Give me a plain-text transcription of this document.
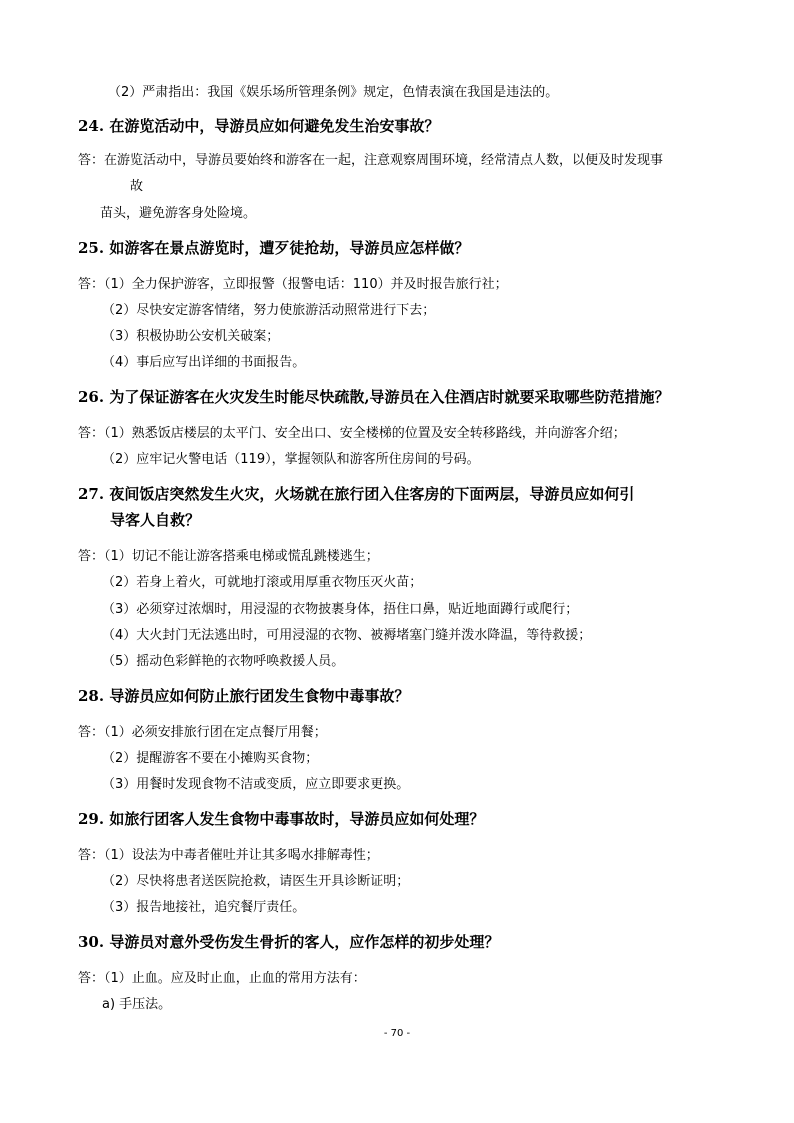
（2）严肃指出：我国《娱乐场所管理条例》规定，色情表演在我国是违法的。
24. 在游览活动中，导游员应如何避免发生治安事故？
答：在游览活动中，导游员要始终和游客在一起，注意观察周围环境，经常清点人数，以便及时发现事
故
苗头，避免游客身处险境。
25. 如游客在景点游览时，遭歹徒抢劫，导游员应怎样做？
答：（1）全力保护游客，立即报警（报警电话：110）并及时报告旅行社；
（2）尽快安定游客情绪，努力使旅游活动照常进行下去；
（3）积极协助公安机关破案；
（4）事后应写出详细的书面报告。
26. 为了保证游客在火灾发生时能尽快疏散,导游员在入住酒店时就要采取哪些防范措施？
答：（1）熟悉饭店楼层的太平门、安全出口、安全楼梯的位置及安全转移路线，并向游客介绍；
（2）应牢记火警电话（119），掌握领队和游客所住房间的号码。
27. 夜间饭店突然发生火灾，火场就在旅行团入住客房的下面两层，导游员应如何引
导客人自救？
答：（1）切记不能让游客搭乘电梯或慌乱跳楼逃生；
（2）若身上着火，可就地打滚或用厚重衣物压灭火苗；
（3）必须穿过浓烟时，用浸湿的衣物披裹身体，捂住口鼻，贴近地面蹲行或爬行；
（4）大火封门无法逃出时，可用浸湿的衣物、被褥堵塞门缝并泼水降温，等待救援；
（5）摇动色彩鲜艳的衣物呼唤救援人员。
28. 导游员应如何防止旅行团发生食物中毒事故？
答：（1）必须安排旅行团在定点餐厅用餐；
（2）提醒游客不要在小摊购买食物；
（3）用餐时发现食物不洁或变质，应立即要求更换。
29. 如旅行团客人发生食物中毒事故时，导游员应如何处理？
答：（1）设法为中毒者催吐并让其多喝水排解毒性；
（2）尽快将患者送医院抢救，请医生开具诊断证明；
（3）报告地接社，追究餐厅责任。
30. 导游员对意外受伤发生骨折的客人，应作怎样的初步处理？
答：（1）止血。应及时止血，止血的常用方法有：
a) 手压法。
- 70 -
